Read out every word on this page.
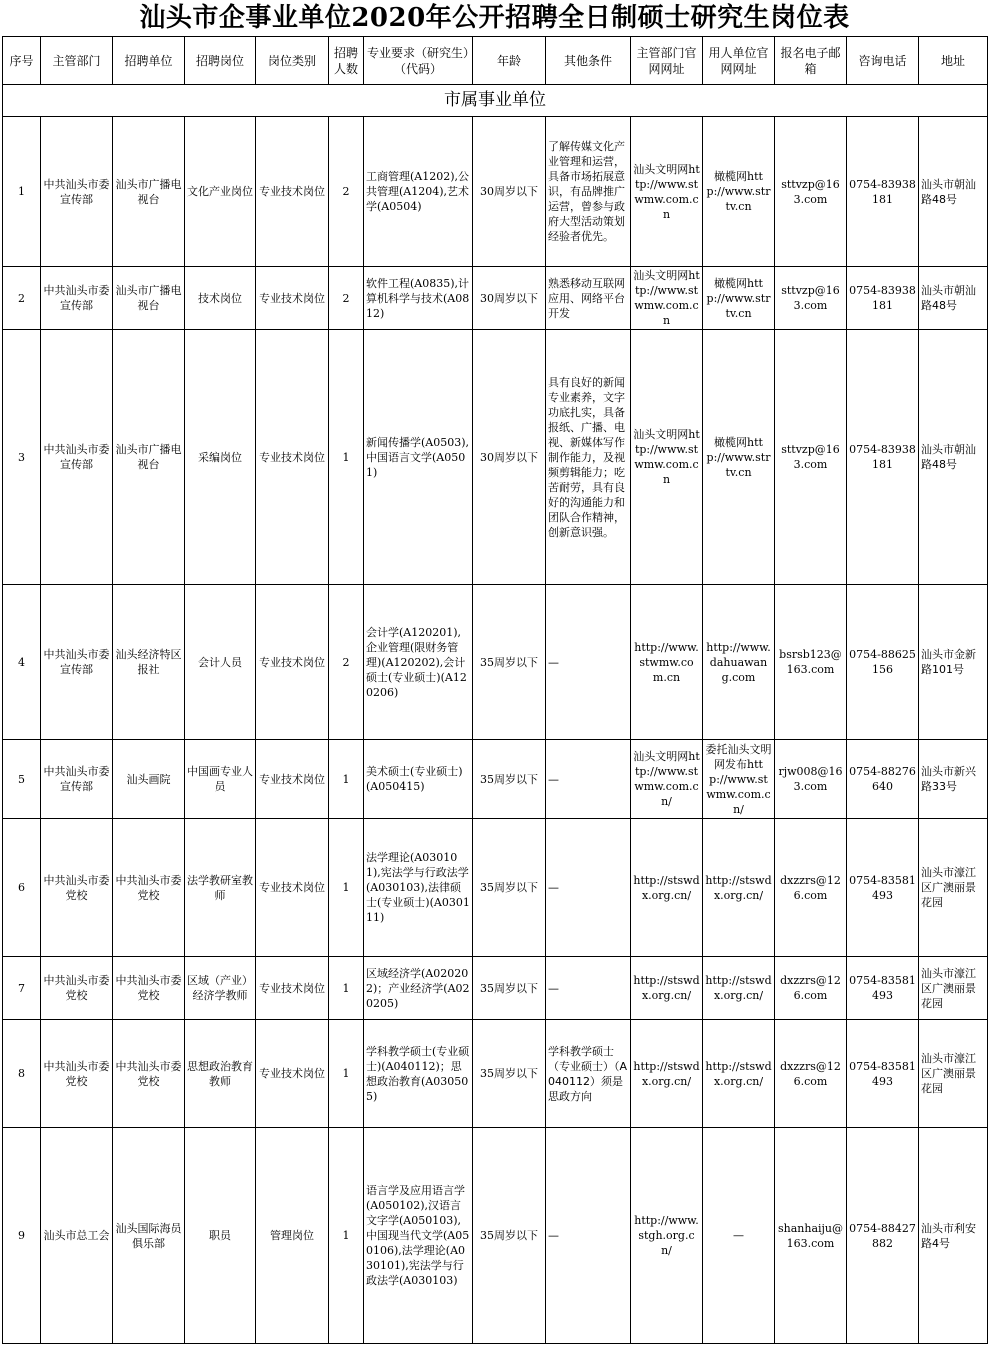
汕头市企事业单位2020年公开招聘全日制硕士研究生岗位表
序号	主管部门	招聘单位	招聘岗位	岗位类别	招聘人数	专业要求（研究生）（代码）	年龄	其他条件	主管部门官网网址	用人单位官网网址	报名电子邮箱	咨询电话	地址
市属事业单位													
1	中共汕头市委宣传部	汕头市广播电视台	文化产业岗位	专业技术岗位	2	工商管理(A1202),公共管理(A1204),艺术学(A0504)	30周岁以下	了解传媒文化产业管理和运营，具备市场拓展意识，有品牌推广运营，曾参与政府大型活动策划经验者优先。	汕头文明网http://www.stwmw.com.cn	橄榄网http://www.strtv.cn	sttvzp@163.com	0754-83938181	汕头市朝汕路48号
2	中共汕头市委宣传部	汕头市广播电视台	技术岗位	专业技术岗位	2	软件工程(A0835),计算机科学与技术(A0812)	30周岁以下	熟悉移动互联网应用、网络平台开发	汕头文明网http://www.stwmw.com.cn	橄榄网http://www.strtv.cn	sttvzp@163.com	0754-83938181	汕头市朝汕路48号
3	中共汕头市委宣传部	汕头市广播电视台	采编岗位	专业技术岗位	1	新闻传播学(A0503),中国语言文学(A0501)	30周岁以下	具有良好的新闻专业素养，文字功底扎实，具备报纸、广播、电视、新媒体写作制作能力，及视频剪辑能力；吃苦耐劳，具有良好的沟通能力和团队合作精神，创新意识强。	汕头文明网http://www.stwmw.com.cn	橄榄网http://www.strtv.cn	sttvzp@163.com	0754-83938181	汕头市朝汕路48号
4	中共汕头市委宣传部	汕头经济特区报社	会计人员	专业技术岗位	2	会计学(A120201),企业管理(限财务管理)(A120202),会计硕士(专业硕士)(A120206)	35周岁以下	—	http://www.stwmw.com.cn	http://www.dahuawang.com	bsrsb123@163.com	0754-88625156	汕头市金新路101号
5	中共汕头市委宣传部	汕头画院	中国画专业人员	专业技术岗位	1	美术硕士(专业硕士)(A050415)	35周岁以下	—	汕头文明网http://www.stwmw.com.cn/	委托汕头文明网发布http://www.stwmw.com.cn/	rjw008@163.com	0754-88276640	汕头市新兴路33号
6	中共汕头市委党校	中共汕头市委党校	法学教研室教师	专业技术岗位	1	法学理论(A030101),宪法学与行政法学(A030103),法律硕士(专业硕士)(A030111)	35周岁以下	—	http://stswdx.org.cn/	http://stswdx.org.cn/	dxzzrs@126.com	0754-83581493	汕头市濠江区广澳丽景花园
7	中共汕头市委党校	中共汕头市委党校	区域（产业）经济学教师	专业技术岗位	1	区域经济学(A020202)；产业经济学(A020205)	35周岁以下	—	http://stswdx.org.cn/	http://stswdx.org.cn/	dxzzrs@126.com	0754-83581493	汕头市濠江区广澳丽景花园
8	中共汕头市委党校	中共汕头市委党校	思想政治教育教师	专业技术岗位	1	学科教学硕士(专业硕士)(A040112)；思想政治教育(A030505)	35周岁以下	学科教学硕士（专业硕士）（A040112）须是思政方向	http://stswdx.org.cn/	http://stswdx.org.cn/	dxzzrs@126.com	0754-83581493	汕头市濠江区广澳丽景花园
9	汕头市总工会	汕头国际海员俱乐部	职员	管理岗位	1	语言学及应用语言学(A050102),汉语言文字学(A050103),中国现当代文学(A050106),法学理论(A030101),宪法学与行政法学(A030103)	35周岁以下	—	http://www.stgh.org.cn/	—	shanhaiju@163.com	0754-88427882	汕头市利安路4号
